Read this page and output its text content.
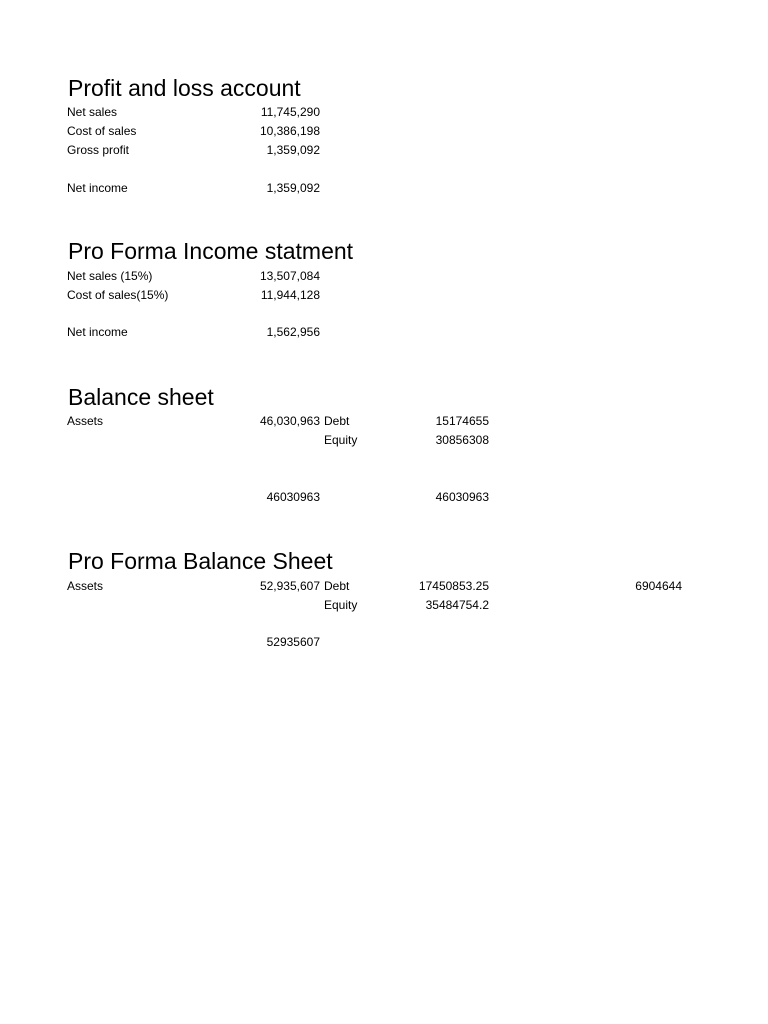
Profit and loss account
Net sales	11,745,290
Cost of sales	10,386,198
Gross profit	1,359,092
Net income	1,359,092
Pro Forma Income statment
Net sales (15%)	13,507,084
Cost of sales(15%)	11,944,128
Net income	1,562,956
Balance sheet
Assets	46,030,963 Debt	15174655
Equity	30856308
46030963	46030963
Pro Forma Balance Sheet
Assets	52,935,607 Debt	17450853.25	6904644
Equity	35484754.2
52935607
